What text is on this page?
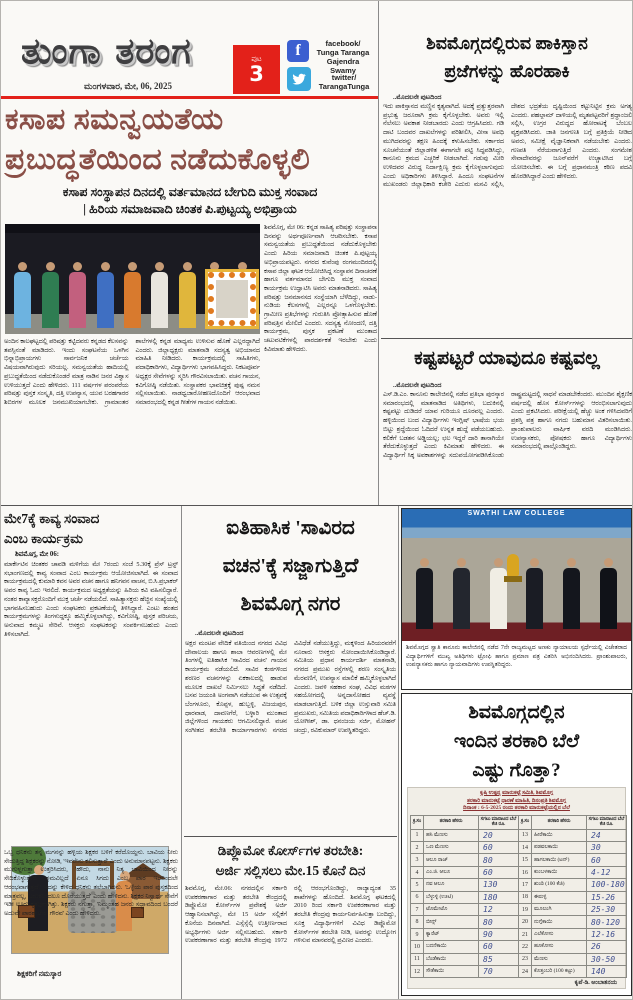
ತುಂಗಾ ತರಂಗ
ಮಂಗಳವಾರ, ಮೇ, 06, 2025
ಪುಟ
3
f	facebook/
Tunga Taranga Gajendra
Swamy
twitter/ TarangaTunga
ಶಿವಮೊಗ್ಗದಲ್ಲಿರುವ ಪಾಕಿಸ್ತಾನ
ಪ್ರಜೆಗಳನ್ನು ಹೊರಹಾಕಿ
..ಮೊದಲನೇ ಪುಟದಿಂದ
ಇದು ಪಾಕಿಸ್ತಾನದ ಮಣ್ಣಿನ ಕೃತ್ಯವಾಗಿದೆ. ಅದಕ್ಕೆ ಪ್ರತ್ಯುತ್ತರವಾಗಿ ಪ್ರಭುತ್ವ ಜರೂರಾಗಿ ಕ್ರಮ ಕೈಗೊಳ್ಳಬೇಕು. ಅವರು ಇಲ್ಲಿ ನೆಲೆಸಲು ಅವಕಾಶ ನೀಡಬಾರದು ಎಂದು ಆಗ್ರಹಿಸಿದರು. ಗಡಿ ದಾಟಿ ಬಂದವರ ದಾಖಲೆಗಳನ್ನು ಪರಿಶೀಲಿಸಿ, ವೀಸಾ ಅವಧಿ ಮುಗಿದವರನ್ನು ತಕ್ಷಣ ಹಿಂದಕ್ಕೆ ಕಳುಹಿಸಬೇಕು. ಸರ್ಕಾರದ ಸೂಚನೆಯಂತೆ ಜಿಲ್ಲಾಡಳಿತ ಈಗಾಗಲೇ ಪಟ್ಟಿ ಸಿದ್ಧಪಡಿಸಿದ್ದು, ಕಾನೂನು ಕ್ರಮದ ಎಚ್ಚರಿಕೆ ನೀಡಲಾಗಿದೆ. ಗಡುವು ಮೀರಿ ಉಳಿದವರ ವಿರುದ್ಧ ನಿರ್ದಾಕ್ಷಿಣ್ಯ ಕ್ರಮ ಕೈಗೊಳ್ಳಲಾಗುವುದು ಎಂದು ಅಧಿಕಾರಿಗಳು ತಿಳಿಸಿದ್ದಾರೆ. ಹಿಂದೂ ಸಂಘಟನೆಗಳ ಮುಖಂಡರು ಜಿಲ್ಲಾಧಿಕಾರಿ ಕಚೇರಿ ಎದುರು ಮನವಿ ಸಲ್ಲಿಸಿ, ದೇಶದ ಭದ್ರತೆಯ ದೃಷ್ಟಿಯಿಂದ ಕಟ್ಟುನಿಟ್ಟಿನ ಕ್ರಮ ಅಗತ್ಯ ಎಂದರು. ಪಹಲ್ಗಾಮ್ ದಾಳಿಯಲ್ಲಿ ಮೃತಪಟ್ಟವರಿಗೆ ಶ್ರದ್ಧಾಂಜಲಿ ಸಲ್ಲಿಸಿ, ಉಗ್ರರ ವಿರುದ್ಧದ ಹೋರಾಟಕ್ಕೆ ಬೆಂಬಲ ವ್ಯಕ್ತಪಡಿಸಿದರು. ಜಾತಿ ಜನಗಣತಿ ಬಗ್ಗೆ ಪ್ರತಿಕ್ರಿಯೆ ನೀಡಿದ ಅವರು, ಸಮೀಕ್ಷೆ ವೈಜ್ಞಾನಿಕವಾಗಿ ನಡೆಯಬೇಕು ಎಂದರು. ಗಣಪತಿ ನೆರೆಯವಾಗುತ್ತಿದೆ ಎಂದರು. ಸಂಗಮೇಶ ಸೇವಾದೇವರನ್ನು ಜೂನ್‌ವರೆಗೆ ಉಚ್ಚಾಟಿಸಿದ ಬಗ್ಗೆ ಯೋಚಿಸಬೇಕು. ಈ ಬಗ್ಗೆ ಪ್ರಧಾನಮಂತ್ರಿ ಕಠಿಣ ಪದವಿ ಹೊರಡಿಸಿದ್ದಾರೆ ಎಂದು ಹೇಳಿದರು.
ಕಸಾಪ ಸಮನ್ವಯತೆಯ
ಪ್ರಬುದ್ಧತೆಯಿಂದ ನಡೆದುಕೊಳ್ಳಲಿ
ಕಸಾಪ ಸಂಸ್ಥಾಪನ ದಿನದಲ್ಲಿ ವರ್ತಮಾನದ ಬೇಗುದಿ ಮುಕ್ತ ಸಂವಾದ
| ಹಿರಿಯ ಸಮಾಜವಾದಿ ಚಿಂತಕ ಪಿ.ಪುಟ್ಟಯ್ಯ ಅಭಿಪ್ರಾಯ
ಶಿವಮೊಗ್ಗ, ಮೇ 06: ಕನ್ನಡ ಸಾಹಿತ್ಯ ಪರಿಷತ್ತು ಸಂಸ್ಥಾಪನಾ ದಿನವನ್ನು ಅರ್ಥಪೂರ್ಣವಾಗಿ ಆಚರಿಸಬೇಕು. ಕಸಾಪ ಸಮನ್ವಯತೆಯ ಪ್ರಬುದ್ಧತೆಯಿಂದ ನಡೆದುಕೊಳ್ಳಬೇಕು ಎಂದು ಹಿರಿಯ ಸಮಾಜವಾದಿ ಚಿಂತಕ ಪಿ.ಪುಟ್ಟಯ್ಯ ಅಭಿಪ್ರಾಯಪಟ್ಟರು. ನಗರದ ಕುವೆಂಪು ರಂಗಮಂದಿರದಲ್ಲಿ ಕಸಾಪ ಜಿಲ್ಲಾ ಘಟಕ ಆಯೋಜಿಸಿದ್ದ ಸಂಸ್ಥಾಪನ ದಿನಾಚರಣೆ ಹಾಗೂ ವರ್ತಮಾನದ ಬೇಗುದಿ ಮುಕ್ತ ಸಂವಾದ ಕಾರ್ಯಕ್ರಮ ಉದ್ಘಾಟಿಸಿ ಅವರು ಮಾತನಾಡಿದರು. ಸಾಹಿತ್ಯ ಪರಿಷತ್ತು ಜನಮಾನಸದ ಸಂಸ್ಥೆಯಾಗಿ ಬೆಳೆದಿದ್ದು, ನಾಡು-ನುಡಿಯ ಕೆಲಸಗಳಲ್ಲಿ ಎಲ್ಲರನ್ನೂ ಒಳಗೊಳ್ಳಬೇಕು. ಗ್ರಾಮೀಣ ಪ್ರತಿಭೆಗಳನ್ನು ಗುರುತಿಸಿ ಪ್ರೋತ್ಸಾಹಿಸುವ ಹೊಣೆ ಪರಿಷತ್ತಿನ ಮೇಲಿದೆ ಎಂದರು. ಸದಸ್ಯತ್ವ ನೋಂದಣಿ, ದತ್ತಿ ಕಾರ್ಯಕ್ರಮ, ಪುಸ್ತಕ ಪ್ರಕಟಣೆ ಮುಂತಾದ ಚಟುವಟಿಕೆಗಳಲ್ಲಿ ಪಾರದರ್ಶಕತೆ ಇರಬೇಕು ಎಂದು ಕಿವಿಮಾತು ಹೇಳಿದರು.
ಅಂದಿನ ಕಾಲಘಟ್ಟದಲ್ಲಿ ಪರಿಷತ್ತು ಕಟ್ಟಿದವರು ಕನ್ನಡದ ಕೆಲಸವನ್ನು ತಪಸ್ಸಿನಂತೆ ಮಾಡಿದರು. ಇಂದು ಸಂಘಟನೆಯ ಒಳಗಿನ ಭಿನ್ನಾಭಿಪ್ರಾಯಗಳು ಸಾರ್ವಜನಿಕ ಚರ್ಚೆಯ ವಿಷಯವಾಗಿರುವುದು ಸರಿಯಲ್ಲ. ಸಮನ್ವಯತೆಯ ಹಾದಿಯಲ್ಲಿ ಪ್ರಬುದ್ಧತೆಯಿಂದ ನಡೆದುಕೊಂಡರೆ ಮಾತ್ರ ನಾಡಿನ ಜನರ ವಿಶ್ವಾಸ ಉಳಿಯುತ್ತದೆ ಎಂದು ಹೇಳಿದರು. 111 ವರ್ಷಗಳ ಪರಂಪರೆಯ ಪರಿಷತ್ತು ಪುಸ್ತಕ ಸಂಸ್ಕೃತಿ, ದತ್ತಿ ಉಪನ್ಯಾಸ, ಯುವ ಬರಹಗಾರರ ಶಿಬಿರಗಳ ಮೂಲಕ ಜನಮುಖಿಯಾಗಬೇಕು. ಗ್ರಾಮಾಂತರ ಶಾಲೆಗಳಲ್ಲಿ ಕನ್ನಡ ಮಾಧ್ಯಮ ಉಳಿಸುವ ಹೊಣೆ ಎಲ್ಲರದ್ದಾಗಿದೆ ಎಂದರು. ಜಿಲ್ಲಾಧ್ಯಕ್ಷರು ಮಾತನಾಡಿ ಸದಸ್ಯತ್ವ ಅಭಿಯಾನದ ಮಾಹಿತಿ ನೀಡಿದರು. ಕಾರ್ಯಕ್ರಮದಲ್ಲಿ ಸಾಹಿತಿಗಳು, ಪದಾಧಿಕಾರಿಗಳು, ವಿದ್ಯಾರ್ಥಿಗಳು ಭಾಗವಹಿಸಿದ್ದರು. ನಿಕಟಪೂರ್ವ ಅಧ್ಯಕ್ಷರ ಸೇವೆಗಳನ್ನು ಸ್ಮರಿಸಿ ಗೌರವಿಸಲಾಯಿತು. ವಚನ ಗಾಯನ, ಕವಿಗೋಷ್ಠಿ ನಡೆಯಿತು. ಸಂಸ್ಥಾಪಕರ ಭಾವಚಿತ್ರಕ್ಕೆ ಪುಷ್ಪ ನಮನ ಸಲ್ಲಿಸಲಾಯಿತು. ನಾಡಧ್ವಜಾರೋಹಣದೊಂದಿಗೆ ಆರಂಭವಾದ ಸಮಾರಂಭದಲ್ಲಿ ಕನ್ನಡ ಗೀತೆಗಳ ಗಾಯನ ನಡೆಯಿತು.
ಕಷ್ಟಪಟ್ಟರೆ ಯಾವುದೂ ಕಷ್ಟವಲ್ಲ
..ಮೊದಲನೇ ಪುಟದಿಂದ
ಎಸ್.ಡಿ.ಎಂ. ಕಾನೂನು ಕಾಲೇಜಿನಲ್ಲಿ ನಡೆದ ಪ್ರತಿಭಾ ಪುರಸ್ಕಾರ ಸಮಾರಂಭದಲ್ಲಿ ಮಾತನಾಡಿದ ಅತಿಥಿಗಳು, ಬದುಕಿನಲ್ಲಿ ಕಷ್ಟಪಟ್ಟು ದುಡಿದರೆ ಯಾವ ಗುರಿಯೂ ದೂರವಲ್ಲ ಎಂದರು. ಹಳ್ಳಿಯಿಂದ ಬಂದ ವಿದ್ಯಾರ್ಥಿಗಳು ಇಂಗ್ಲಿಷ್ ಭಾಷೆಯ ಭಯ ಬಿಟ್ಟು ಶ್ರದ್ಧೆಯಿಂದ ಓದಿದರೆ ಉನ್ನತ ಹುದ್ದೆ ಪಡೆಯಬಹುದು. ಕಲಿಕೆಗೆ ಬಡತನ ಅಡ್ಡಿಯಲ್ಲ; ಛಲ ಇದ್ದರೆ ದಾರಿ ತಾನಾಗಿಯೇ ತೆರೆದುಕೊಳ್ಳುತ್ತದೆ ಎಂದು ಕಿವಿಮಾತು ಹೇಳಿದರು. ಈ ವಿದ್ಯಾರ್ಥಿಗೆ ಸಿಕ್ಕ ಅವಕಾಶಗಳನ್ನು ಸದುಪಯೋಗಪಡಿಸಿಕೊಂಡು ರಾಷ್ಟ್ರಮಟ್ಟದಲ್ಲಿ ಸಾಧನೆ ಮಾಡಬೇಕೆಂದರು. ಮುಂದಿನ ಶೈಕ್ಷಣಿಕ ವರ್ಷದಲ್ಲಿ ಹೊಸ ಕೋರ್ಸ್‌ಗಳನ್ನು ಆರಂಭಿಸಲಾಗುವುದು ಎಂದು ಪ್ರಕಟಿಸಿದರು. ಪರೀಕ್ಷೆಯಲ್ಲಿ ಹೆಚ್ಚು ಅಂಕ ಗಳಿಸಿದವರಿಗೆ ಪ್ರಶಸ್ತಿ ಪತ್ರ ಹಾಗೂ ನಗದು ಬಹುಮಾನ ವಿತರಿಸಲಾಯಿತು. ಪ್ರಾಂಶುಪಾಲರು ವಾರ್ಷಿಕ ವರದಿ ಮಂಡಿಸಿದರು. ಉಪನ್ಯಾಸಕರು, ಪೋಷಕರು ಹಾಗೂ ವಿದ್ಯಾರ್ಥಿಗಳು ಸಮಾರಂಭದಲ್ಲಿ ಪಾಲ್ಗೊಂಡಿದ್ದರು.
ಮೇ7ಕ್ಕೆ ಕಾವ್ಯ ಸಂವಾದ
ಎಂಬ ಕಾರ್ಯಕ್ರಮ
ಶಿವಮೊಗ್ಗ, ಮೇ 06:
ಮಾರ್ಕೇಟಿನ ಚಿಂತಕರ ಚಾವಡಿ ಮಳಿಗೆಯ ಮೇ 7ರಂದು ಸಂಜೆ 5.30ಕ್ಕೆ ಪ್ರೆಸ್ ಟ್ರಸ್ಟ್ ಸಭಾಂಗಣದಲ್ಲಿ ಕಾವ್ಯ ಸಂವಾದ ಎಂಬ ಕಾರ್ಯಕ್ರಮ ಆಯೋಜಿಸಲಾಗಿದೆ. ಈ ಸಂವಾದ ಕಾರ್ಯಕ್ರಮದಲ್ಲಿ ಕುಮಾರಿ ಕವನ ಅವರ ವಚನ ಹಾಗೂ ಹನಿಗವನ ವಾಚನ, ಬಿ.ಸಿ.ಪ್ರಭಾಕರ್ ಅವರ ಕಾವ್ಯ ಓದು ಇರಲಿದೆ. ಕಾರ್ಯಕ್ರಮದ ಅಧ್ಯಕ್ಷತೆಯನ್ನು ಹಿರಿಯ ಕವಿ ವಹಿಸಲಿದ್ದಾರೆ. ನಂತರ ಕಾವ್ಯಾಸಕ್ತರೊಂದಿಗೆ ಮುಕ್ತ ಚರ್ಚೆ ನಡೆಯಲಿದೆ. ಸಾಹಿತ್ಯಾಸಕ್ತರು ಹೆಚ್ಚಿನ ಸಂಖ್ಯೆಯಲ್ಲಿ ಭಾಗವಹಿಸಬಹುದು ಎಂದು ಸಂಘಟಕರು ಪ್ರಕಟಣೆಯಲ್ಲಿ ತಿಳಿಸಿದ್ದಾರೆ. ಎಂಟು ಹಂತದ ಕಾರ್ಯಕ್ರಮಗಳನ್ನು ತಿಂಗಳುದ್ದಕ್ಕೂ ಹಮ್ಮಿಕೊಳ್ಳಲಾಗಿದ್ದು, ಕವಿಗೋಷ್ಠಿ, ಪುಸ್ತಕ ಪರಿಚಯ, ಅನುವಾದ ಕಮ್ಮಟ ಸೇರಿವೆ. ಆಸಕ್ತರು ಸಂಘಟಕರನ್ನು ಸಂಪರ್ಕಿಸಬಹುದು ಎಂದು ತಿಳಿಸಲಾಗಿದೆ.
ಒಬ್ಬ ಧನಿಕನು ತನ್ನ ಮಗನನ್ನು ಹಳ್ಳಿಯ ಶಿಕ್ಷಕರ ಬಳಿಗೆ ಕರೆದೊಯ್ದನು. ಬಾವಿಯ ನೀರು ಸೇದುತ್ತಿದ್ದ ಶಿಕ್ಷಕರನ್ನು ನೋಡಿ, 'ಇವರೇನು ಕಲಿಸುತ್ತಾರೆ' ಎಂದು ಅನುಮಾನಪಟ್ಟನು. ಶಿಕ್ಷಕರು ಮುಗುಳ್ನಗುತ್ತಾ ಉತ್ತರಿಸಿದರು, 'ಹೌದು, ನಾನು ನಿತ್ಯ ಬಾವಿಯಿಂದ ನೀರನ್ನು ಸೇದಿಕೊಳ್ಳುತ್ತೇನೆ. ಶ್ರಮವಿಲ್ಲದೆ ಏನೂ ಸಿಗದು ಎಂಬ ಪಾಠ ಇದರಿಂದಲೇ ಆರಂಭವಾಗುತ್ತದೆ.' ಇದನ್ನು ಕೇಳಿದ ಧನಿಕನು ತಲೆಬಾಗಿದನು. 'ಒಳ್ಳೆಯ ಪಾಠ ಪುಸ್ತಕದಿಂದ ಮಾತ್ರವಲ್ಲ, ಬದುಕಿನಿಂದಲೂ ದೊರೆಯುತ್ತದೆ' ಎಂದು ಹೇಳಿದನು. ಶಿಕ್ಷಕರ ನಿಸ್ವಾರ್ಥ ಸೇವೆಗೆ ಇಡೀ ಊರು ಕೃತಜ್ಞವಾಗಿತ್ತು. ಶಿಕ್ಷಕರು ನಗುತ್ತಾ, 'ನಿಮ್ಮಂತಹ ಜನರು ಸದ್ಭಾವದಿಂದ ಬಂದರೆ ಅದುವೇ ಪಾಠಶಾಲೆಯ ಗೌರವ' ಎಂದು ಹೇಳಿದರು.
ಶಿಕ್ಷಕರಿಗೆ ನಮಸ್ಕಾರ
ಐತಿಹಾಸಿಕ 'ಸಾವಿರದ
ವಚನ'ಕ್ಕೆ ಸಜ್ಜಾಗುತ್ತಿದೆ
ಶಿವಮೊಗ್ಗ ನಗರ
..ಮೊದಲನೇ ಪುಟದಿಂದ
ಅಕ್ಷರ ಮಂಟಪ ವೇದಿಕೆ ವತಿಯಿಂದ ನಗರದ ವಿವಿಧ ದೇವಾಲಯ ಹಾಗೂ ಶಾಲಾ ಆವರಣಗಳಲ್ಲಿ ಮೇ ತಿಂಗಳಲ್ಲಿ ಐತಿಹಾಸಿಕ 'ಸಾವಿರದ ವಚನ' ಗಾಯನ ಕಾರ್ಯಕ್ರಮ ನಡೆಯಲಿದೆ. ಸಾವಿರ ಕಂಠಗಳಿಂದ ಶರಣರ ವಚನಗಳನ್ನು ಏಕಕಾಲದಲ್ಲಿ ಹಾಡುವ ಮೂಲಕ ದಾಖಲೆ ನಿರ್ಮಿಸಲು ಸಿದ್ಧತೆ ನಡೆದಿದೆ. ಬಸವ ಜಯಂತಿ ಅಂಗವಾಗಿ ನಡೆಯುವ ಈ ಉತ್ಸವಕ್ಕೆ ಬೆಂಗಳೂರು, ಕೊಪ್ಪಳ, ಹುಬ್ಬಳ್ಳಿ, ವಿಜಯಪುರ, ಧಾರವಾಡ, ದಾವಣಗೆರೆ, ಬಳ್ಳಾರಿ ಮುಂತಾದ ಜಿಲ್ಲೆಗಳಿಂದ ಗಾಯಕರು ಆಗಮಿಸಲಿದ್ದಾರೆ. ವಚನ ಸಂಗೀತದ ತರಬೇತಿ ಕಾರ್ಯಾಗಾರಗಳು ನಗರದ ವಿವಿಧೆಡೆ ನಡೆಯುತ್ತಿದ್ದು, ಮಕ್ಕಳಿಂದ ಹಿರಿಯರವರೆಗೆ ನೂರಾರು ಆಸಕ್ತರು ನೋಂದಾಯಿಸಿಕೊಂಡಿದ್ದಾರೆ. ಸಮಿತಿಯ ಪ್ರಧಾನ ಕಾರ್ಯದರ್ಶಿ ಮಾತನಾಡಿ, ನಗರದ ಪ್ರಮುಖ ರಸ್ತೆಗಳಲ್ಲಿ ಶರಣ ಸಂಸ್ಕೃತಿಯ ಮೆರವಣಿಗೆ, ಉಪನ್ಯಾಸ ಮಾಲಿಕೆ ಹಮ್ಮಿಕೊಳ್ಳಲಾಗಿದೆ ಎಂದರು. ಜವಳಿ ಸಹಕಾರ ಸಂಘ, ವಿವಿಧ ಮಠಗಳ ಸಹಯೋಗದಲ್ಲಿ ಅನ್ನದಾಸೋಹದ ವ್ಯವಸ್ಥೆ ಮಾಡಲಾಗುತ್ತಿದೆ. ಬಳಿಕ ಜಿಲ್ಲಾ ಉಸ್ತುವಾರಿ ಸಮಿತಿ ಪ್ರಮುಖರು, ಸಮಿತಿಯ ಪದಾಧಿಕಾರಿಗಳಾದ ಹೆಚ್.ಡಿ. ಯೋಗೀಶ್, ಡಾ. ಧನಂಜಯ ಸರ್ಜಿ, ಮೋಹನ್ ಚಂದ್ರು, ರವಿಕುಮಾರ್ ಉಪಸ್ಥಿತರಿದ್ದರು.
ಡಿಪ್ಲೊಮೋ ಕೋರ್ಸ್‌ಗಳ ತರಬೇತಿ:
ಅರ್ಜಿ ಸಲ್ಲಿಸಲು ಮೇ.15 ಕೊನೆ ದಿನ
ಶಿವಮೊಗ್ಗ, ಮೇ.06: ನಗರದಲ್ಲಿನ ಸರ್ಕಾರಿ ಉಪಕರಣಾಗಾರ ಮತ್ತು ತರಬೇತಿ ಕೇಂದ್ರದಲ್ಲಿ ಡಿಪ್ಲೊಮೋ ಕೋರ್ಸ್‌ಗಳ ಪ್ರವೇಶಕ್ಕೆ ಅರ್ಜಿ ಆಹ್ವಾನಿಸಲಾಗಿದ್ದು, ಮೇ 15 ಅರ್ಜಿ ಸಲ್ಲಿಕೆಗೆ ಕೊನೆಯ ದಿನವಾಗಿದೆ. ಎಸ್ಸೆಸ್ಸೆಲ್ಸಿ ಉತ್ತೀರ್ಣರಾದ ಅಭ್ಯರ್ಥಿಗಳು ಅರ್ಜಿ ಸಲ್ಲಿಸಬಹುದು. ಸರ್ಕಾರಿ ಉಪಕರಣಾಗಾರ ಮತ್ತು ತರಬೇತಿ ಕೇಂದ್ರವು 1972 ರಲ್ಲಿ ಆರಂಭಗೊಂಡಿದ್ದು, ರಾಜ್ಯಾದ್ಯಂತ 35 ಶಾಖೆಗಳನ್ನು ಹೊಂದಿದೆ. ಶಿವಮೊಗ್ಗ ಘಟಕದಲ್ಲಿ 2010 ರಿಂದ ಸರ್ಕಾರಿ ಉಪಕರಣಾಗಾರ ಮತ್ತು ತರಬೇತಿ ಕೇಂದ್ರವು ಕಾರ್ಯನಿರ್ವಹಿಸುತ್ತಾ ಬಂದಿದ್ದು, ಸೂಕ್ತ ವಿದ್ಯಾರ್ಥಿಗಳಿಗೆ ವಿವಿಧ ಡಿಪ್ಲೊಮೋ ಕೋರ್ಸ್‌ಗಳ ತರಬೇತಿ ನೀಡಿ, ಅವರನ್ನು ಉದ್ಯೋಗ ಗಳಿಸುವ ಮಾನವರಲ್ಲಿ ಪ್ರವಿಣರ ಎಂದರು.
SWATHI LAW COLLEGE
ಶಿವಮೊಗ್ಗದ ಸ್ವಾತಿ ಕಾನೂನು ಕಾಲೇಜಿನಲ್ಲಿ ನಡೆದ 7ನೇ ರಾಜ್ಯಮಟ್ಟದ ಅಣಕು ನ್ಯಾಯಾಲಯ ಸ್ಪರ್ಧೆಯಲ್ಲಿ ವಿಜೇತರಾದ ವಿದ್ಯಾರ್ಥಿಗಳಿಗೆ ಮುಖ್ಯ ಅತಿಥಿಗಳು ಟ್ರೋಫಿ ಹಾಗೂ ಪ್ರಮಾಣ ಪತ್ರ ವಿತರಿಸಿ ಅಭಿನಂದಿಸಿದರು. ಪ್ರಾಂಶುಪಾಲರು, ಉಪನ್ಯಾಸಕರು ಹಾಗೂ ನ್ಯಾಯವಾದಿಗಳು ಉಪಸ್ಥಿತರಿದ್ದರು.
ಶಿವಮೊಗ್ಗದಲ್ಲಿನ
ಇಂದಿನ ತರಕಾರಿ ಬೆಲೆ
ಎಷ್ಟು ಗೊತ್ತಾ?
ಕೃಷಿ ಉತ್ಪನ್ನ ಮಾರುಕಟ್ಟೆ ಸಮಿತಿ, ಶಿವಮೊಗ್ಗ
ತರಕಾರಿ ಮಾರುಕಟ್ಟೆ ಧಾರಣೆ ಮಾಹಿತಿ, ದಿನಂಪ್ರತಿ ಶಿವಮೊಗ್ಗ
ದಿನಾಂಕ : 6-5-2025 ರಂದು ತರಕಾರಿ ಮಾರುಕಟ್ಟೆಯಲ್ಲಿನ ಬೆಲೆ
ಕ್ರ.ಸಂ	ತರಕಾರಿ ಹೆಸರು	ಸಗಟು ಮಾರಾಟದ ಬೆಲೆ ಕೆಜಿ ರೂ.	ಕ್ರ.ಸಂ	ತರಕಾರಿ ಹೆಸರು	ಸಗಟು ಮಾರಾಟದ ಬೆಲೆ ಕೆಜಿ ರೂ.
1	ಹಸಿ ಮೆಣಸು	20	13	ಹೀರೆಕಾಯಿ	24
2	ಒಣ ಮೆಣಸು	60	14	ಪಡವಲಕಾಯಿ	30
3	ಆಲೂ ರಾಜ್	80	15	ಹಾಗಲಕಾಯಿ (ಟನ್)	60
4	ಎಂ.ಜಿ. ಆಲೂ	60	16	ಕುಂಬಳಕಾಯಿ	4-12
5	ನವ ಆಲೂ	130	17	ಶುಂಠಿ (100 ಕೆಜಿ)	100-180
6	ಬೆಳ್ಳುಳ್ಳಿ (ಊಟಿ)	180	18	ಈರುಳ್ಳಿ	15-26
7	ಟೊಮೇಟೊ	12	19	ಮೂಲಂಗಿ	25-30
8	ಬೀನ್ಸ್	80	20	ನುಗ್ಗೆಕಾಯಿ	80-120
9	ಕ್ಯಾರೆಟ್	90	21	ಎಲೆಕೋಸು	12-16
10	ಬದನೆಕಾಯಿ	60	22	ಹೂಕೋಸು	26
11	ಬೆಂಡೆಕಾಯಿ	85	23	ಮೆಣಸು	30-50
12	ಸೌತೆಕಾಯಿ	70	24	ಕೊತ್ತಂಬರಿ (100 ಕಟ್ಟು)	140
ಕೃಪೆ-ಡಿ. ಅಂಬಾತನಯ
